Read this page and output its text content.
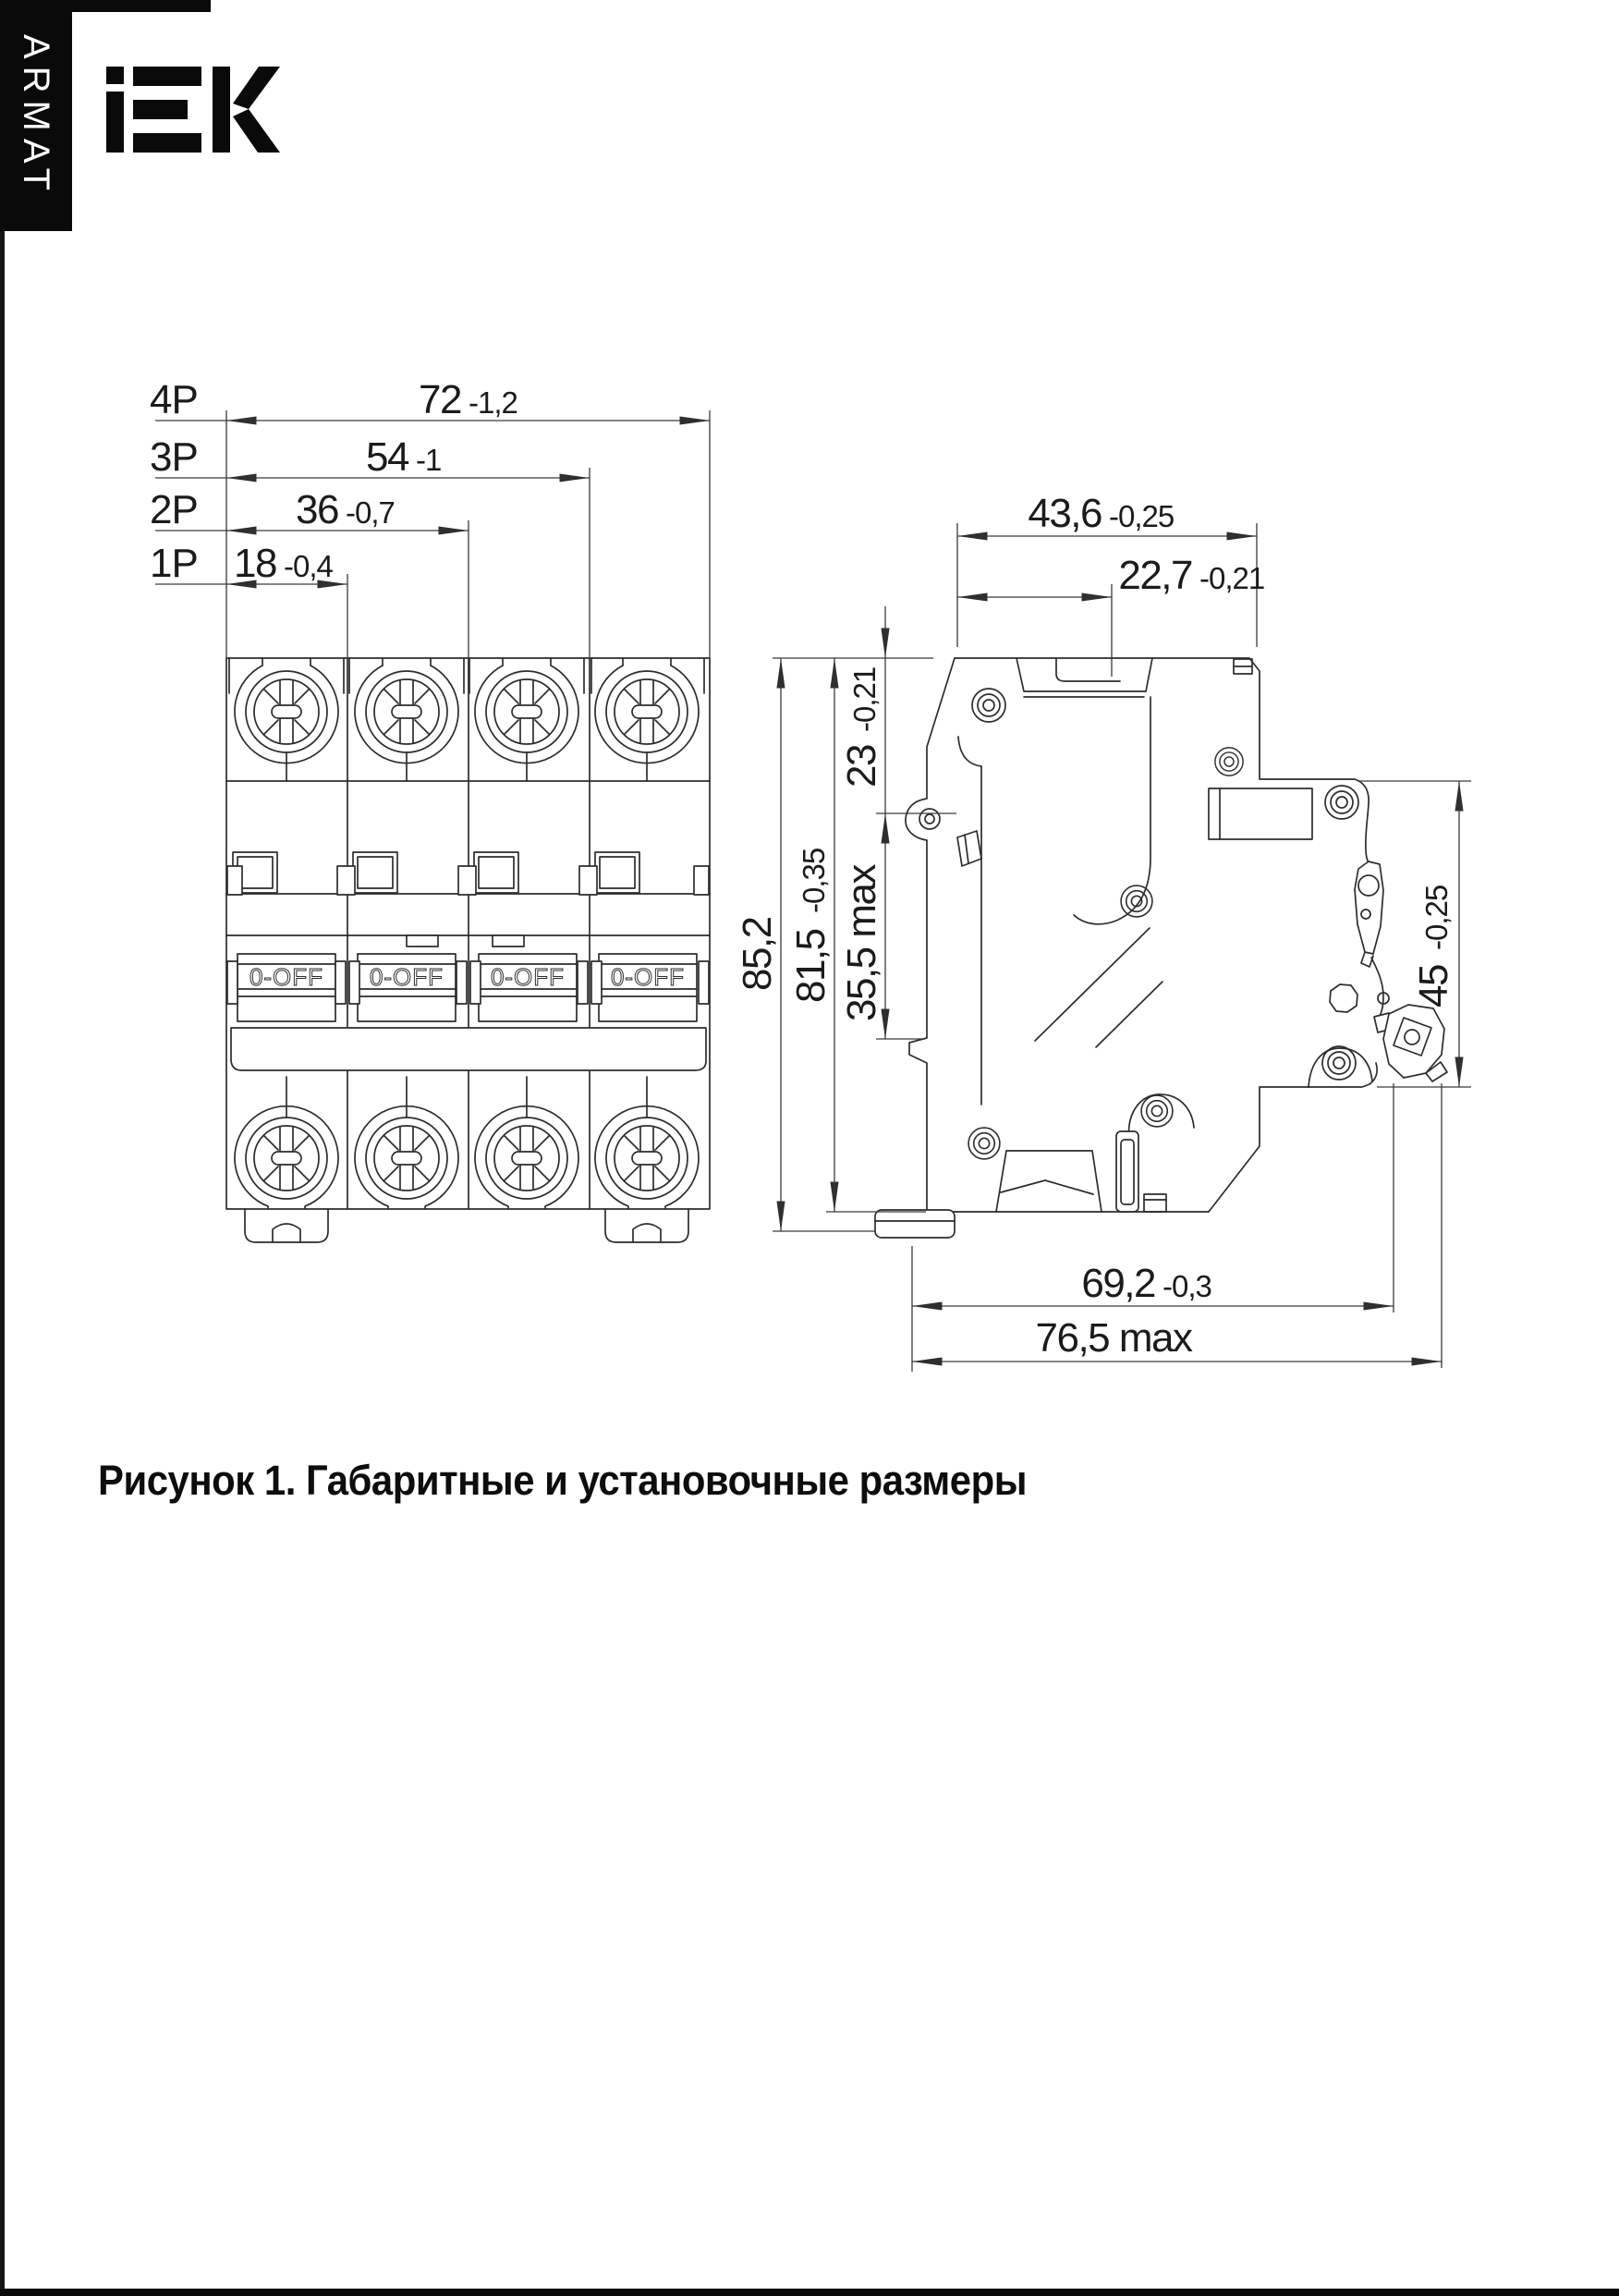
ARMAT
0-OFF 0-OFF 0-OFF 0-OFF
4P
3P
2P
1P
72 -1,2
54 -1
36 -0,7
18 -0,4
43,6 -0,25
22,7 -0,21
85,2 81,5
-0,35
23
-0,21
35,5 max	45
-0,25
69,2 -0,3
76,5 max
Рисунок 1. Габаритные и установочные размеры
